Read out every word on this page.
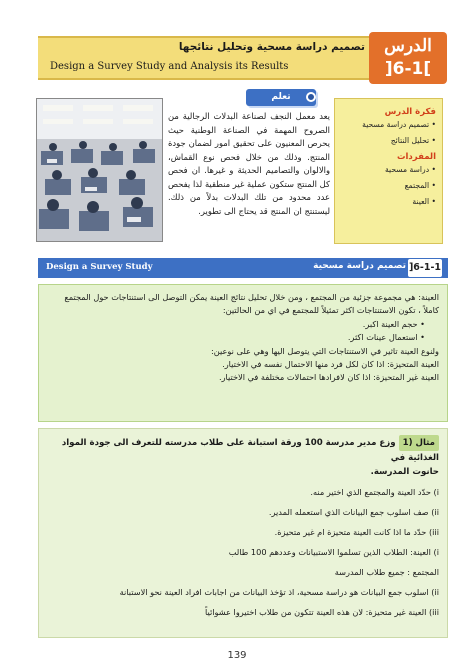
تصميم دراسة مسحية وتحليل نتائجها
Design a Survey Study and Analysis its Results
الدرس
]6-1[
تعلم
فكرة الدرس
• تصميم دراسة مسحية
• تحليل النتائج
المفردات
• دراسة مسحية
• المجتمع
• العينة
يعد معمل النجف لصناعة البدلات الرجالية من الصروح المهمة في الصناعة الوطنية حيث يحرص المعنيون على تحقيق امور لضمان جودة المنتج. وذلك من خلال فحص نوع القماش، والالوان والتصاميم الحديثة و غيرها. ان فحص كل المنتج ستكون عملية غير منطقية لذا يفحص عدد محدود من تلك البدلات بدلاً من ذلك. ليستنتج ان المنتج قد يحتاج الى تطوير.
Design a Survey Study	تصميم دراسة مسحية ]6-1-1
العينة: هي مجموعة جزئية من المجتمع ، ومن خلال تحليل نتائج العينة يمكن التوصل الى استنتاجات حول المجتمع
كاملاً ، تكون الاستنتاجات اكثر تمثيلاً للمجتمع في اي من الحالتين:
• حجم العينة اكبر.
• استعمال عينات اكثر.
ولنوع العينة تاثير في الاستنتاجات التي يتوصل اليها وهي على نوعين:
العينة المتحيزة: اذا كان لكل فرد منها الاحتمال نفسه في الاختيار.
العينة غير المتحيزة: اذا كان لافرادها احتمالات مختلفة في الاختيار.
مثال (1 وزع مدير مدرسة 100 ورقة استبانة على طلاب مدرسته للتعرف الى جودة المواد الغذائية في
حانوت المدرسة.
i) حدّد العينة والمجتمع الذي اختير منه.
ii) صف اسلوب جمع البيانات الذي استعمله المدير.
iii) حدّد ما اذا كانت العينة متحيزة ام غير متحيزة.
i) العينة: الطلاب الذين تسلموا الاستبيانات وعددهم 100 طالب
المجتمع : جميع طلاب المدرسة
ii) اسلوب جمع البيانات هو دراسة مسحية، اذ تؤخذ البيانات من اجابات افراد العينة نحو الاستبانة
iii) العينة غير متحيزة: لان هذه العينة تتكون من طلاب اختيروا عشوائياً
139
